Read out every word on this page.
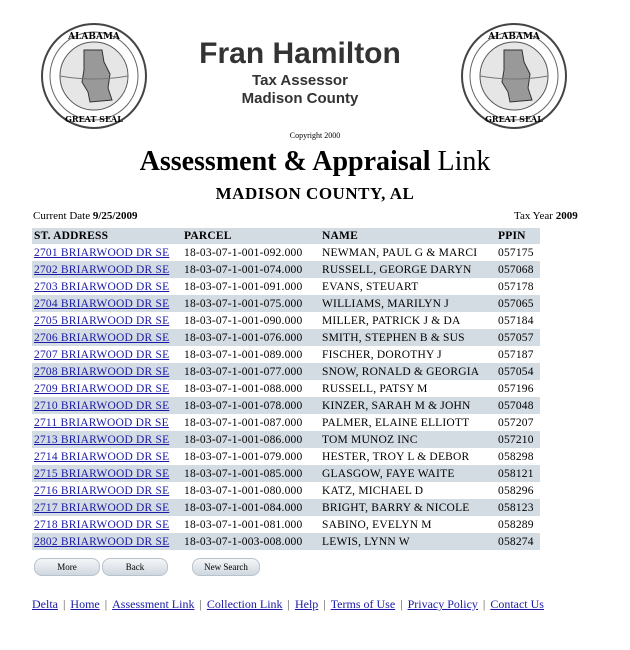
ALABAMA
GREAT SEAL
ALABAMA
GREAT SEAL
Fran Hamilton
Tax Assessor
Madison County
Copyright 2000
Assessment & Appraisal Link
MADISON COUNTY, AL
Current Date 9/25/2009	Tax Year 2009
ST. ADDRESS	PARCEL	NAME	PPIN
2701 BRIARWOOD DR SE	18-03-07-1-001-092.000	NEWMAN, PAUL G & MARCI	057175
2702 BRIARWOOD DR SE	18-03-07-1-001-074.000	RUSSELL, GEORGE DARYN	057068
2703 BRIARWOOD DR SE	18-03-07-1-001-091.000	EVANS, STEUART	057178
2704 BRIARWOOD DR SE	18-03-07-1-001-075.000	WILLIAMS, MARILYN J	057065
2705 BRIARWOOD DR SE	18-03-07-1-001-090.000	MILLER, PATRICK J & DA	057184
2706 BRIARWOOD DR SE	18-03-07-1-001-076.000	SMITH, STEPHEN B & SUS	057057
2707 BRIARWOOD DR SE	18-03-07-1-001-089.000	FISCHER, DOROTHY J	057187
2708 BRIARWOOD DR SE	18-03-07-1-001-077.000	SNOW, RONALD & GEORGIA	057054
2709 BRIARWOOD DR SE	18-03-07-1-001-088.000	RUSSELL, PATSY M	057196
2710 BRIARWOOD DR SE	18-03-07-1-001-078.000	KINZER, SARAH M & JOHN	057048
2711 BRIARWOOD DR SE	18-03-07-1-001-087.000	PALMER, ELAINE ELLIOTT	057207
2713 BRIARWOOD DR SE	18-03-07-1-001-086.000	TOM MUNOZ INC	057210
2714 BRIARWOOD DR SE	18-03-07-1-001-079.000	HESTER, TROY L & DEBOR	058298
2715 BRIARWOOD DR SE	18-03-07-1-001-085.000	GLASGOW, FAYE WAITE	058121
2716 BRIARWOOD DR SE	18-03-07-1-001-080.000	KATZ, MICHAEL D	058296
2717 BRIARWOOD DR SE	18-03-07-1-001-084.000	BRIGHT, BARRY & NICOLE	058123
2718 BRIARWOOD DR SE	18-03-07-1-001-081.000	SABINO, EVELYN M	058289
2802 BRIARWOOD DR SE	18-03-07-1-003-008.000	LEWIS, LYNN W	058274
More	Back	New Search
Delta | Home | Assessment Link | Collection Link | Help | Terms of Use | Privacy Policy | Contact Us
